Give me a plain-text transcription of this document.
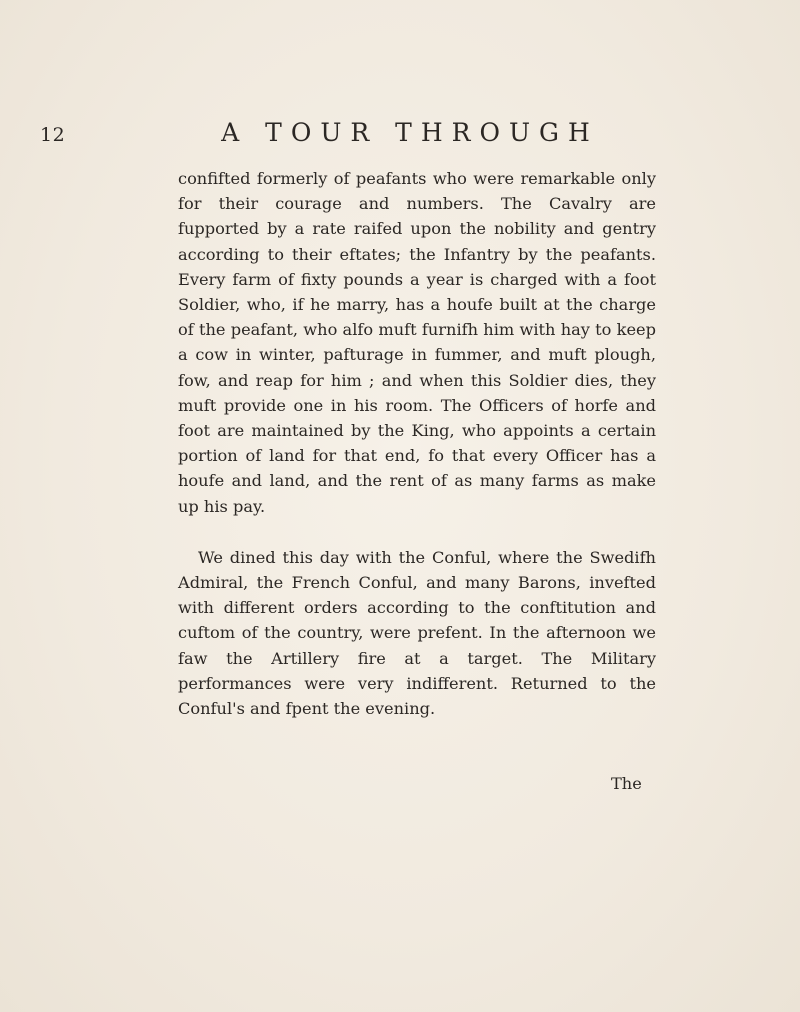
12	A TOUR THROUGH

confifted formerly of peafants who were remarkable only for their courage and numbers. The Cavalry are fupported by a rate raifed upon the nobility and gentry according to their eftates; the Infantry by the peafants. Every farm of fixty pounds a year is charged with a foot Soldier, who, if he marry, has a houfe built at the charge of the peafant, who alfo muft furnifh him with hay to keep a cow in winter, pafturage in fummer, and muft plough, fow, and reap for him ; and when this Soldier dies, they muft provide one in his room. The Officers of horfe and foot are maintained by the King, who appoints a certain portion of land for that end, fo that every Officer has a houfe and land, and the rent of as many farms as make up his pay.

We dined this day with the Conful, where the Swedifh Admiral, the French Conful, and many Barons, invefted with different orders according to the conftitution and cuftom of the country, were prefent. In the afternoon we faw the Artillery fire at a target. The Military performances were very indifferent. Returned to the Conful's and fpent the evening.

The
